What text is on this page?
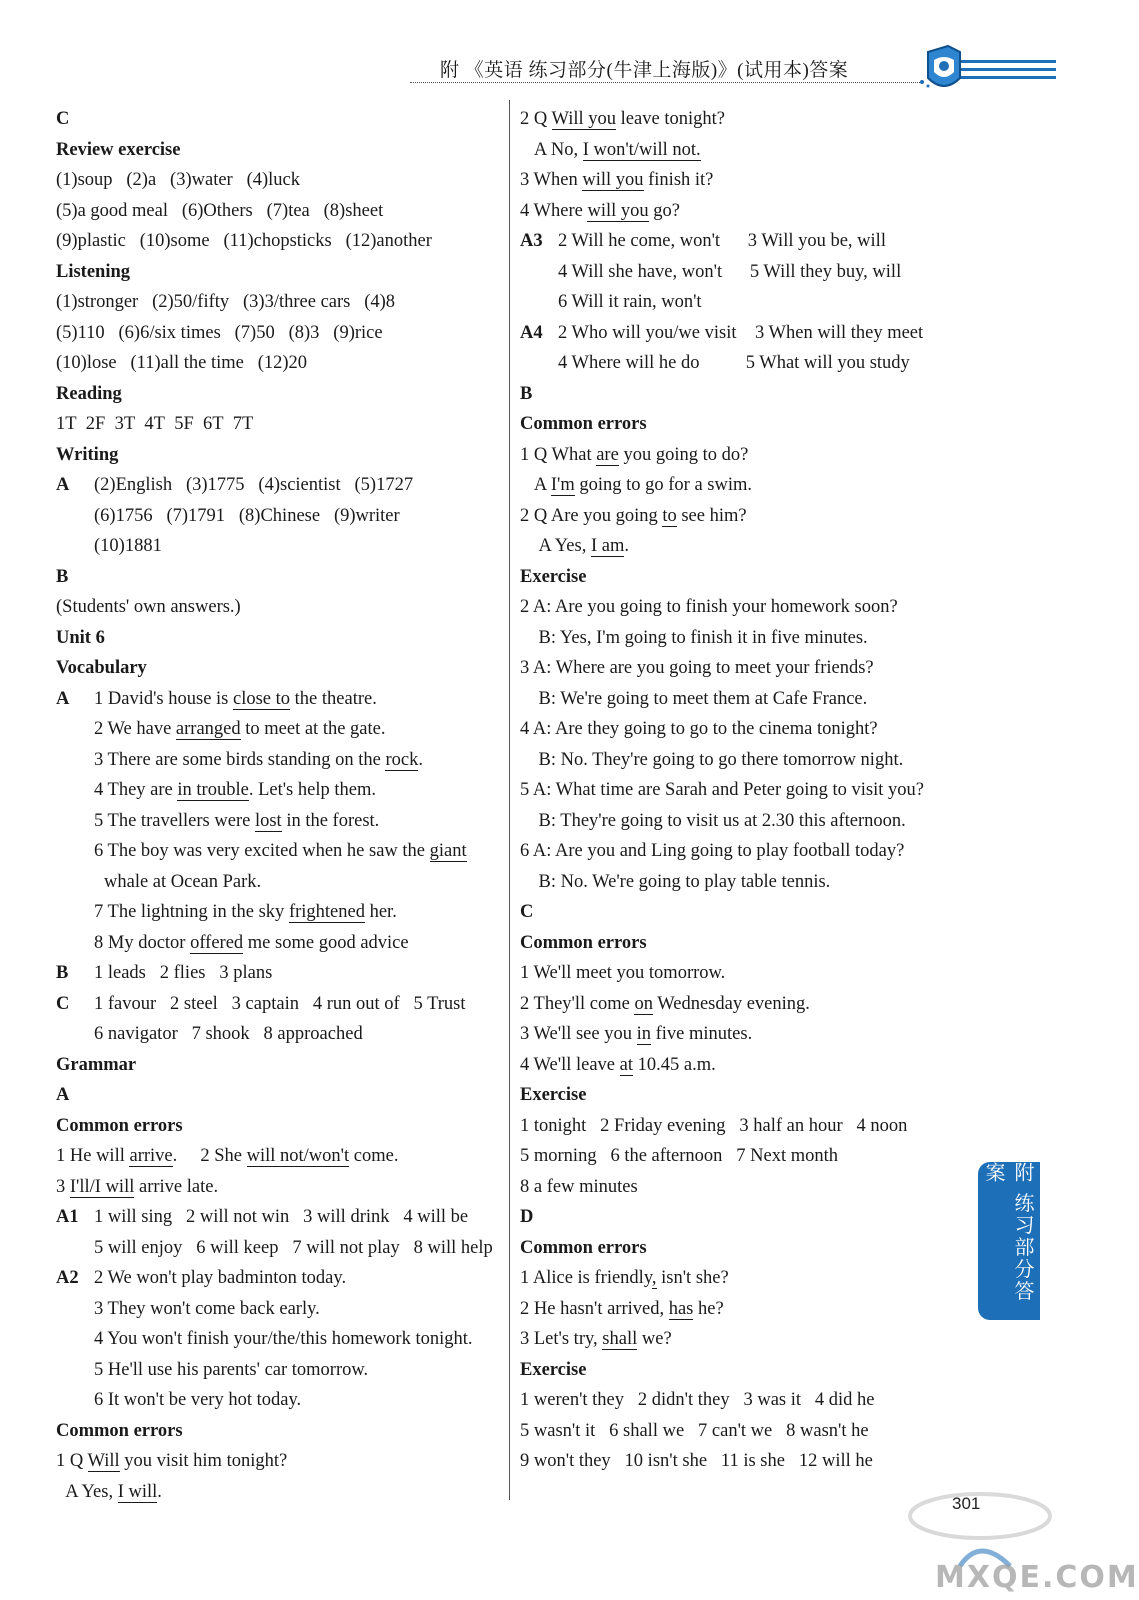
附 《英语 练习部分(牛津上海版)》(试用本)答案
C
Review exercise
(1)soup   (2)a   (3)water   (4)luck
(5)a good meal   (6)Others   (7)tea   (8)sheet
(9)plastic   (10)some   (11)chopsticks   (12)another
Listening
(1)stronger   (2)50/fifty   (3)3/three cars   (4)8
(5)110   (6)6/six times   (7)50   (8)3   (9)rice
(10)lose   (11)all the time   (12)20
Reading
1T  2F  3T  4T  5F  6T  7T
Writing
A (2)English   (3)1775   (4)scientist   (5)1727
(6)1756   (7)1791   (8)Chinese   (9)writer
(10)1881
B
(Students' own answers.)
Unit 6
Vocabulary
A 1 David's house is close to the theatre.
2 We have arranged to meet at the gate.
3 There are some birds standing on the rock.
4 They are in trouble. Let's help them.
5 The travellers were lost in the forest.
6 The boy was very excited when he saw the giant
whale at Ocean Park.
7 The lightning in the sky frightened her.
8 My doctor offered me some good advice
B 1 leads   2 flies   3 plans
C 1 favour   2 steel   3 captain   4 run out of   5 Trust
6 navigator   7 shook   8 approached
Grammar
A
Common errors
1 He will arrive.     2 She will not/won't come.
3 I'll/I will arrive late.
A1 1 will sing   2 will not win   3 will drink   4 will be
5 will enjoy   6 will keep   7 will not play   8 will help
A2 2 We won't play badminton today.
3 They won't come back early.
4 You won't finish your/the/this homework tonight.
5 He'll use his parents' car tomorrow.
6 It won't be very hot today.
Common errors
1 Q Will you visit him tonight?
A Yes, I will.
2 Q Will you leave tonight?
A No, I won't/will not.
3 When will you finish it?
4 Where will you go?
A3 2 Will he come, won't      3 Will you be, will
4 Will she have, won't      5 Will they buy, will
6 Will it rain, won't
A4 2 Who will you/we visit    3 When will they meet
4 Where will he do          5 What will you study
B
Common errors
1 Q What are you going to do?
A I'm going to go for a swim.
2 Q Are you going to see him?
A Yes, I am.
Exercise
2 A: Are you going to finish your homework soon?
B: Yes, I'm going to finish it in five minutes.
3 A: Where are you going to meet your friends?
B: We're going to meet them at Cafe France.
4 A: Are they going to go to the cinema tonight?
B: No. They're going to go there tomorrow night.
5 A: What time are Sarah and Peter going to visit you?
B: They're going to visit us at 2.30 this afternoon.
6 A: Are you and Ling going to play football today?
B: No. We're going to play table tennis.
C
Common errors
1 We'll meet you tomorrow.
2 They'll come on Wednesday evening.
3 We'll see you in five minutes.
4 We'll leave at 10.45 a.m.
Exercise
1 tonight   2 Friday evening   3 half an hour   4 noon
5 morning   6 the afternoon   7 Next month
8 a few minutes
D
Common errors
1 Alice is friendly, isn't she?
2 He hasn't arrived, has he?
3 Let's try, shall we?
Exercise
1 weren't they   2 didn't they   3 was it   4 did he
5 wasn't it   6 shall we   7 can't we   8 wasn't he
9 won't they   10 isn't she   11 is she   12 will he
附 练习部分答案
301
MXQE.COM
